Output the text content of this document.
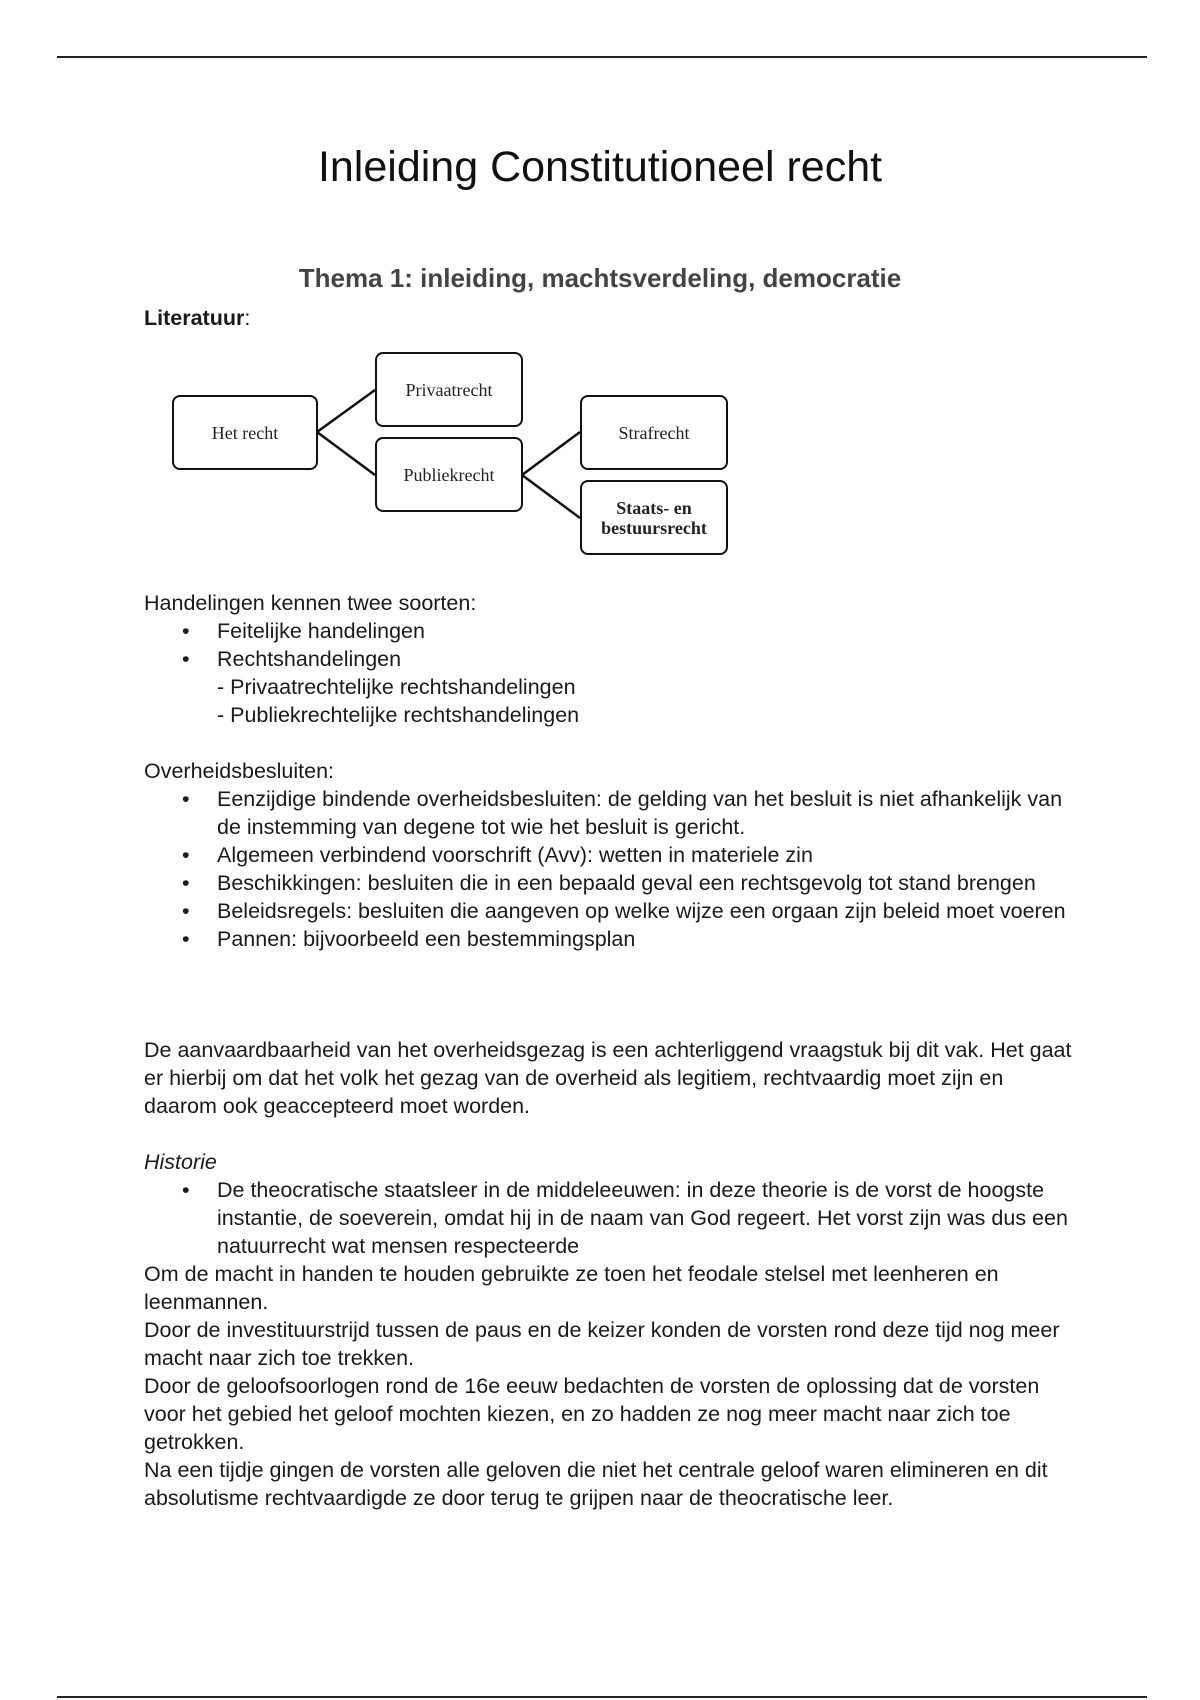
Inleiding Constitutioneel recht
Thema 1: inleiding, machtsverdeling, democratie
Literatuur:
Het recht
Privaatrecht
Publiekrecht
Strafrecht
Staats- en
bestuursrecht

Handelingen kennen twee soorten:

• Feitelijke handelingen
• Rechtshandelingen
- Privaatrechtelijke rechtshandelingen
- Publiekrechtelijke rechtshandelingen

Overheidsbesluiten:

• Eenzijdige bindende overheidsbesluiten: de gelding van het besluit is niet afhankelijk van de instemming van degene tot wie het besluit is gericht.
• Algemeen verbindend voorschrift (Avv): wetten in materiele zin
• Beschikkingen: besluiten die in een bepaald geval een rechtsgevolg tot stand brengen
• Beleidsregels: besluiten die aangeven op welke wijze een orgaan zijn beleid moet voeren
• Pannen: bijvoorbeeld een bestemmingsplan
De aanvaardbaarheid van het overheidsgezag is een achterliggend vraagstuk bij dit vak. Het gaat er hierbij om dat het volk het gezag van de overheid als legitiem, rechtvaardig moet zijn en daarom ook geaccepteerd moet worden.

Historie

• De theocratische staatsleer in de middeleeuwen: in deze theorie is de vorst de hoogste instantie, de soeverein, omdat hij in de naam van God regeert. Het vorst zijn was dus een natuurrecht wat mensen respecteerde

Om de macht in handen te houden gebruikte ze toen het feodale stelsel met leenheren en leenmannen.

Door de investituurstrijd tussen de paus en de keizer konden de vorsten rond deze tijd nog meer macht naar zich toe trekken.

Door de geloofsoorlogen rond de 16e eeuw bedachten de vorsten de oplossing dat de vorsten voor het gebied het geloof mochten kiezen, en zo hadden ze nog meer macht naar zich toe getrokken.

Na een tijdje gingen de vorsten alle geloven die niet het centrale geloof waren elimineren en dit absolutisme rechtvaardigde ze door terug te grijpen naar de theocratische leer.
